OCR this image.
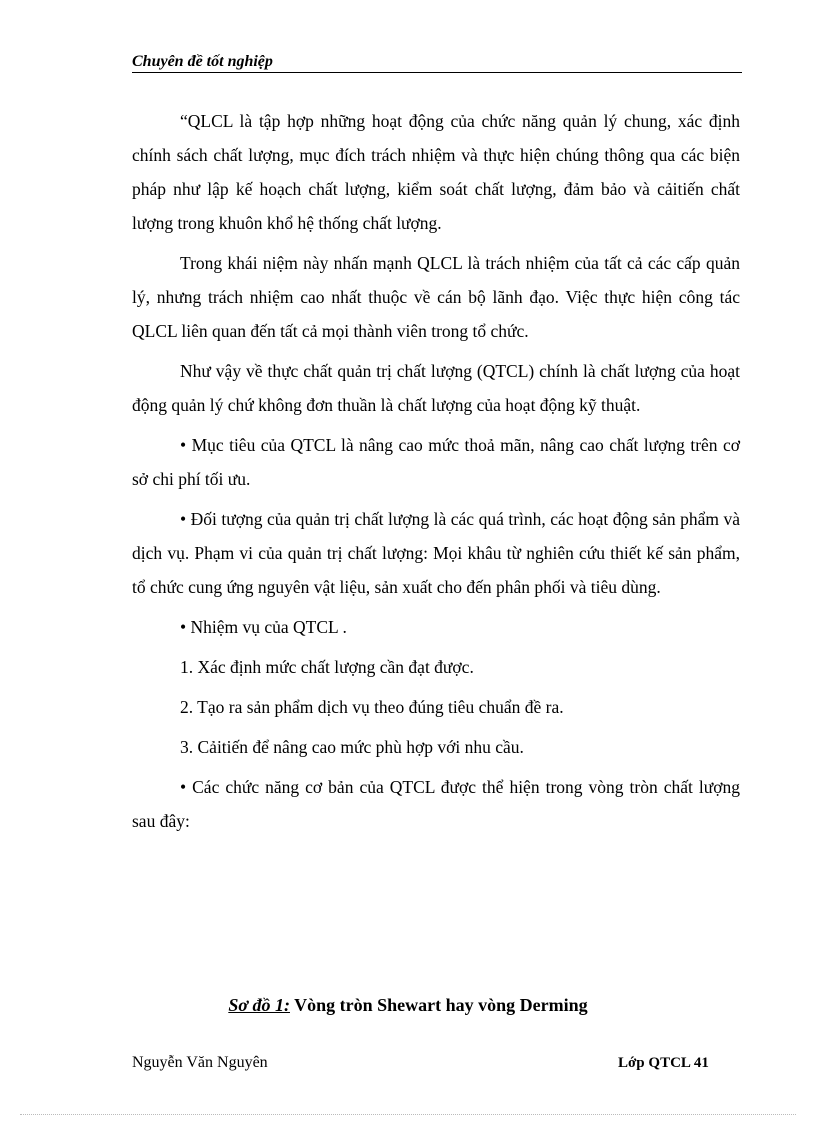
Chuyên đề tốt nghiệp

“QLCL là tập hợp những hoạt động của chức năng quản lý chung, xác định chính sách chất lượng, mục đích trách nhiệm và thực hiện chúng thông qua các biện pháp như lập kế hoạch chất lượng, kiểm soát chất lượng, đảm bảo và cảitiến chất lượng trong khuôn khổ hệ thống chất lượng.

Trong khái niệm này nhấn mạnh QLCL là trách nhiệm của tất cả các cấp quản lý, nhưng trách nhiệm cao nhất thuộc về cán bộ lãnh đạo. Việc thực hiện công tác QLCL liên quan đến tất cả mọi thành viên trong tổ chức.

Như vậy về thực chất quản trị chất lượng (QTCL) chính là chất lượng của hoạt động quản lý chứ không đơn thuần là chất lượng của hoạt động kỹ thuật.

• Mục tiêu của QTCL là nâng cao mức thoả mãn, nâng cao chất lượng trên cơ sở chi phí tối ưu.

• Đối tượng của quản trị chất lượng là các quá trình, các hoạt động sản phẩm và dịch vụ. Phạm vi của quản trị chất lượng: Mọi khâu từ nghiên cứu thiết kế sản phẩm, tổ chức cung ứng nguyên vật liệu, sản xuất cho đến phân phối và tiêu dùng.

• Nhiệm vụ của QTCL .

1. Xác định mức chất lượng cần đạt được.

2. Tạo ra sản phẩm dịch vụ theo đúng tiêu chuẩn đề ra.

3. Cảitiến để nâng cao mức phù hợp với nhu cầu.

• Các chức năng cơ bản của QTCL được thể hiện trong vòng tròn chất lượng sau đây:

Sơ đồ 1: Vòng tròn Shewart hay vòng Derming
Nguyễn Văn Nguyên	Lớp QTCL 41
